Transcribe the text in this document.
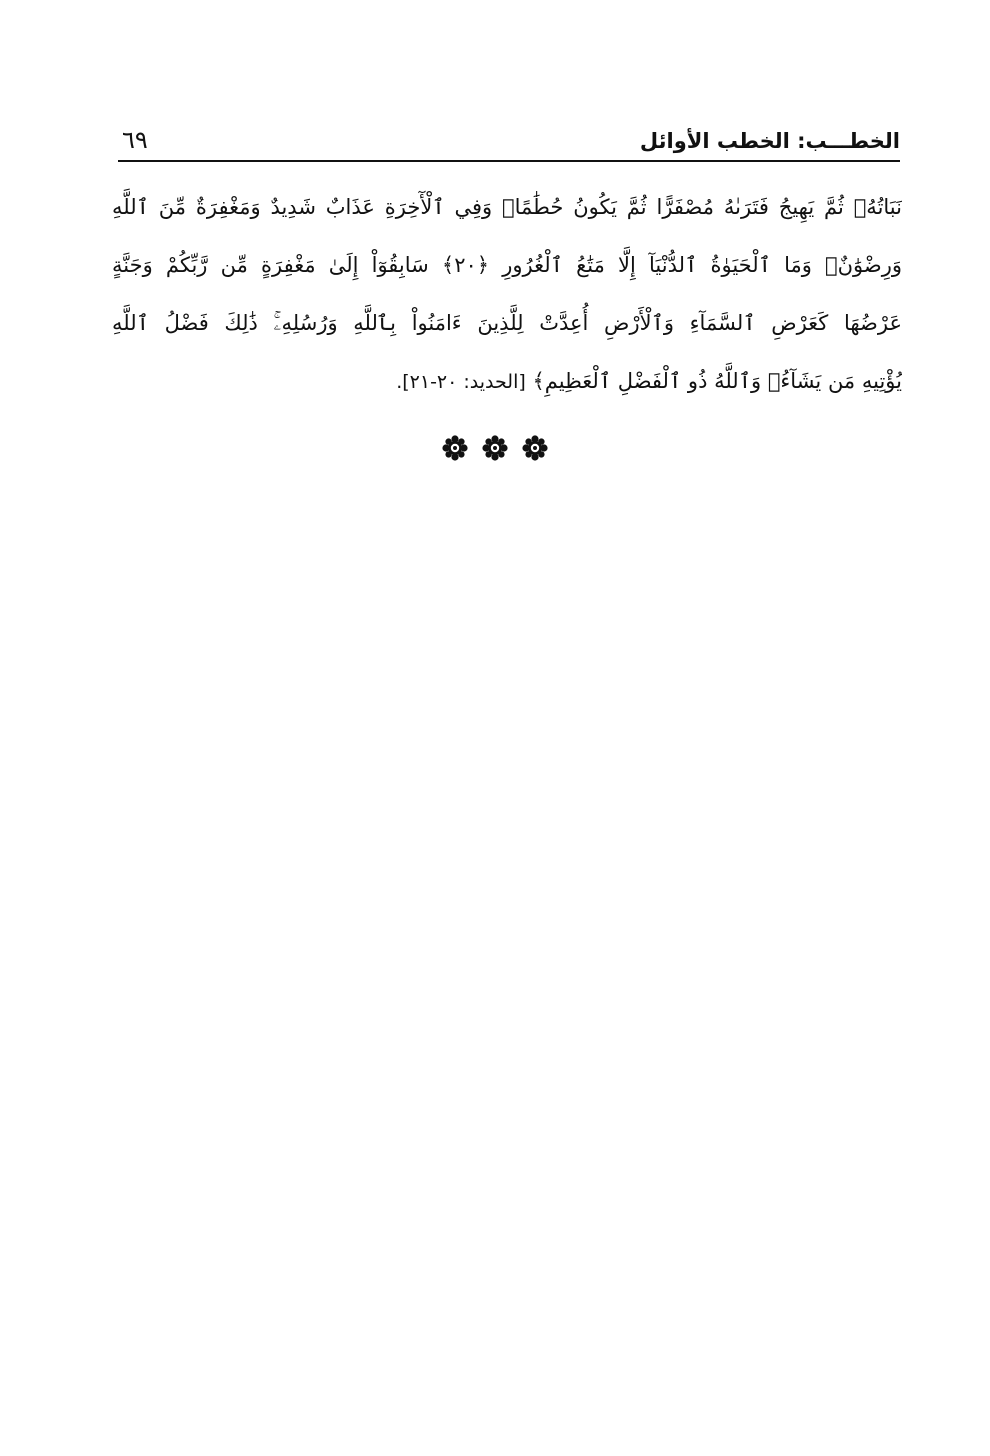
الخطـــب: الخطب الأوائل
٦٩
نَبَاتُهُۥ ثُمَّ يَهِيجُ فَتَرَىٰهُ مُصْفَرًّا ثُمَّ يَكُونُ حُطَٰمًاۖ وَفِي ٱلْأٓخِرَةِ عَذَابٌ شَدِيدٌ وَمَغْفِرَةٌ مِّنَ ٱللَّهِ
وَرِضْوَٰنٌۚ وَمَا ٱلْحَيَوٰةُ ٱلدُّنْيَآ إِلَّا مَتَٰعُ ٱلْغُرُورِ ﴿٢٠﴾ سَابِقُوٓاْ إِلَىٰ مَغْفِرَةٍ مِّن رَّبِّكُمْ وَجَنَّةٍ
عَرْضُهَا كَعَرْضِ ٱلسَّمَآءِ وَٱلْأَرْضِ أُعِدَّتْ لِلَّذِينَ ءَامَنُواْ بِٱللَّهِ وَرُسُلِهِۦۚ ذَٰلِكَ فَضْلُ ٱللَّهِ
يُؤْتِيهِ مَن يَشَآءُۚ وَٱللَّهُ ذُو ٱلْفَضْلِ ٱلْعَظِيمِ﴾ [الحديد: ٢٠-٢١].
